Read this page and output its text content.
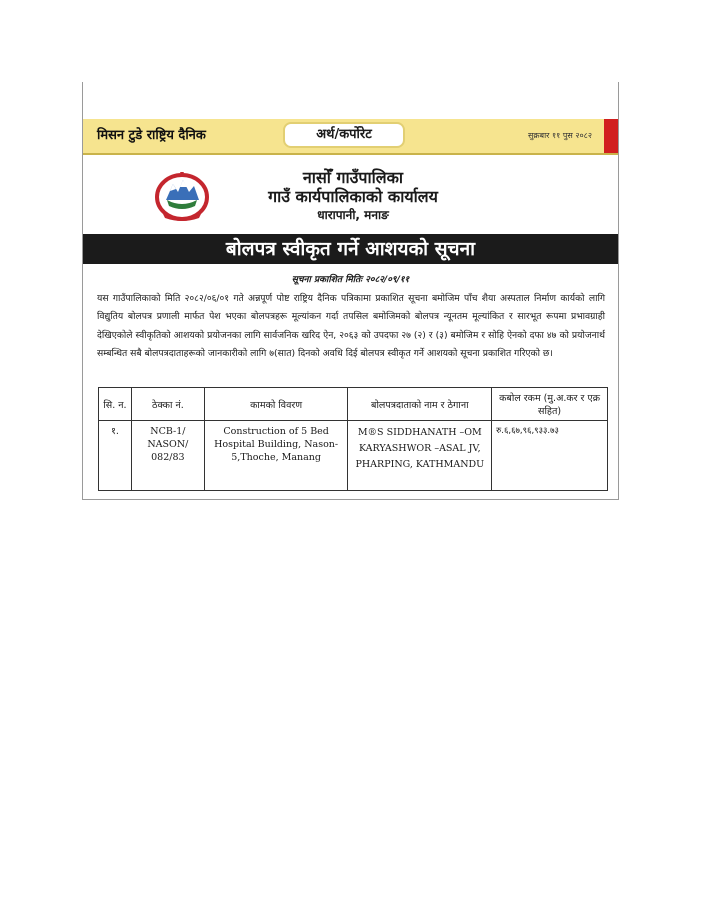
मिसन टुडे राष्ट्रिय दैनिक	अर्थ/कर्पोरेट	सुक्रबार ११ पुस २०८२
नासोँ गाउँपालिका
गाउँ कार्यपालिकाको कार्यालय
धारापानी, मनाङ
बोलपत्र स्वीकृत गर्ने आशयको सूचना
सूचना प्रकाशित मितिः २०८२/०९/११
यस गाउँपालिकाको मिति २०८२/०६/०१ गते अन्नपूर्ण पोष्ट राष्ट्रिय दैनिक पत्रिकामा प्रकाशित सूचना बमोजिम पाँच शैया अस्पताल निर्माण कार्यको लागि विद्युतिय बोलपत्र प्रणाली मार्फत पेश भएका बोलपत्रहरू मूल्यांकन गर्दा तपसिल बमोजिमको बोलपत्र न्यूनतम मूल्यांकित र सारभूत रूपमा प्रभावग्राही देखिएकोले स्वीकृतिको आशयको प्रयोजनका लागि सार्वजनिक खरिद ऐन, २०६३ को उपदफा २७ (२) र (३) बमोजिम र सोहि ऐनको दफा ४७ को प्रयोजनार्थ सम्बन्धित सबै बोलपत्रदाताहरूको जानकारीको लागि ७(सात) दिनको अवधि दिई बोलपत्र स्वीकृत गर्ने आशयको सूचना प्रकाशित गरिएको छ।
सि. न.	ठेक्का नं.	कामको विवरण	बोलपत्रदाताको नाम र ठेगाना	कबोल रकम (मु.अ.कर र एक्र सहित)
१.	NCB-1/ NASON/ 082/83	Construction of 5 Bed Hospital Building, Nason-5,Thoche, Manang	M®S SIDDHANATH –OM KARYASHWOR –ASAL JV, PHARPING, KATHMANDU	रु.६,६७,९६,९३३.७३
